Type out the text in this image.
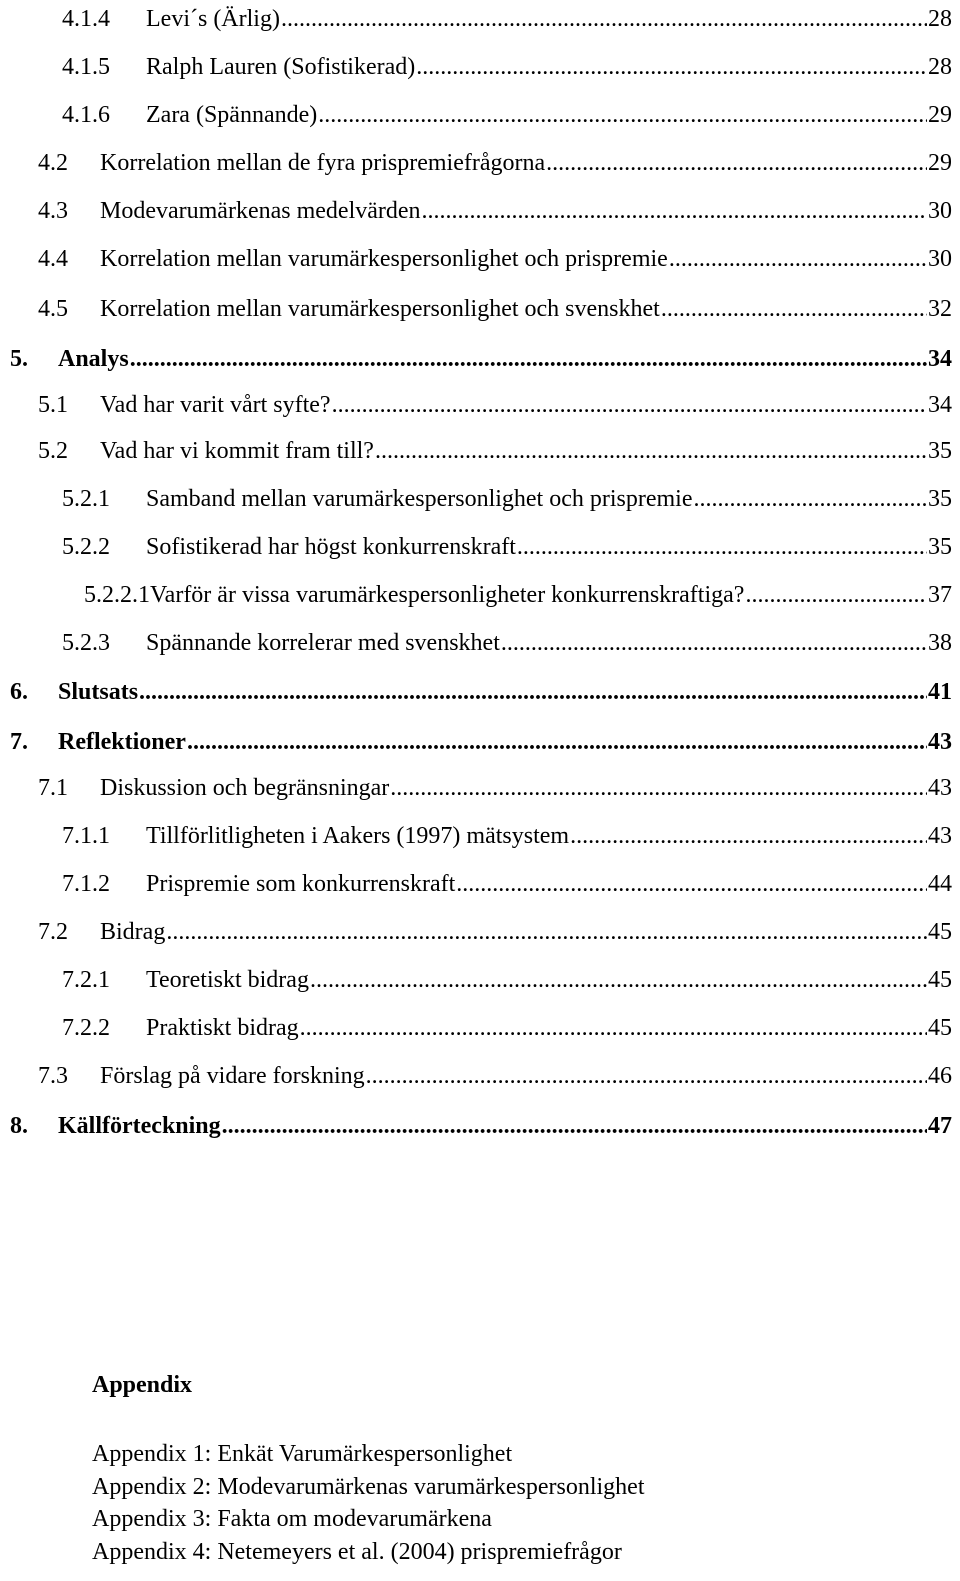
4.1.4	Levi´s (Ärlig) .....	28
4.1.5	Ralph Lauren (Sofistikerad) .....	28
4.1.6	Zara (Spännande) .....	29
4.2	Korrelation mellan de fyra prispremiefrågorna .....	29
4.3	Modevarumärkenas medelvärden .....	30
4.4	Korrelation mellan varumärkespersonlighet och prispremie .....	30
4.5	Korrelation mellan varumärkespersonlighet och svenskhet .....	32
5.	Analys .....	34
5.1	Vad har varit vårt syfte? .....	34
5.2	Vad har vi kommit fram till? .....	35
5.2.1	Samband mellan varumärkespersonlighet och prispremie .....	35
5.2.2	Sofistikerad har högst konkurrenskraft .....	35
5.2.2.1 Varför är vissa varumärkespersonligheter konkurrenskraftiga? .....	37
5.2.3	Spännande korrelerar med svenskhet .....	38
6.	Slutsats .....	41
7.	Reflektioner .....	43
7.1	Diskussion och begränsningar .....	43
7.1.1	Tillförlitligheten i Aakers (1997) mätsystem .....	43
7.1.2	Prispremie som konkurrenskraft .....	44
7.2	Bidrag .....	45
7.2.1	Teoretiskt bidrag .....	45
7.2.2	Praktiskt bidrag .....	45
7.3	Förslag på vidare forskning .....	46
8.	Källförteckning .....	47
Appendix
Appendix 1: Enkät Varumärkespersonlighet
Appendix 2: Modevarumärkenas varumärkespersonlighet
Appendix 3: Fakta om modevarumärkena
Appendix 4: Netemeyers et al. (2004) prispremiefrågor
